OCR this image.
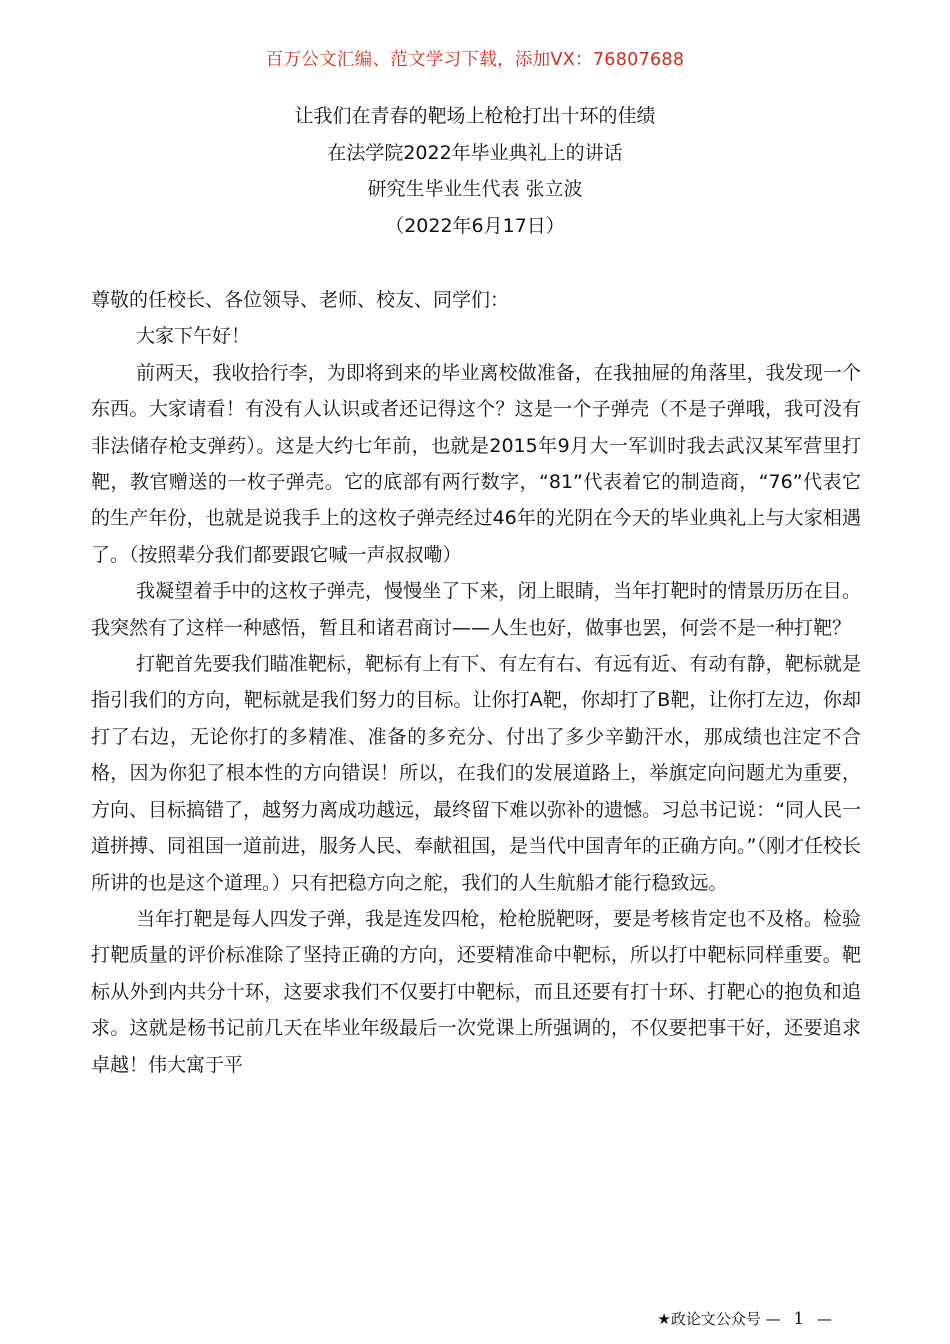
百万公文汇编、范文学习下载，添加VX：76807688
让我们在青春的靶场上枪枪打出十环的佳绩
在法学院2022年毕业典礼上的讲话
研究生毕业生代表 张立波
（2022年6月17日）

尊敬的任校长、各位领导、老师、校友、同学们：

大家下午好！

前两天，我收拾行李，为即将到来的毕业离校做准备，在我抽屉的角落里，我发现一个东西。大家请看！有没有人认识或者还记得这个？这是一个子弹壳（不是子弹哦，我可没有非法储存枪支弹药）。这是大约七年前，也就是2015年9月大一军训时我去武汉某军营里打靶，教官赠送的一枚子弹壳。它的底部有两行数字，“81”代表着它的制造商，“76”代表它的生产年份，也就是说我手上的这枚子弹壳经过46年的光阴在今天的毕业典礼上与大家相遇了。（按照辈分我们都要跟它喊一声叔叔嘞）

我凝望着手中的这枚子弹壳，慢慢坐了下来，闭上眼睛，当年打靶时的情景历历在目。我突然有了这样一种感悟，暂且和诸君商讨——人生也好，做事也罢，何尝不是一种打靶？

打靶首先要我们瞄准靶标，靶标有上有下、有左有右、有远有近、有动有静，靶标就是指引我们的方向，靶标就是我们努力的目标。让你打A靶，你却打了B靶，让你打左边，你却打了右边，无论你打的多精准、准备的多充分、付出了多少辛勤汗水，那成绩也注定不合格，因为你犯了根本性的方向错误！所以，在我们的发展道路上，举旗定向问题尤为重要，方向、目标搞错了，越努力离成功越远，最终留下难以弥补的遗憾。习总书记说：“同人民一道拼搏、同祖国一道前进，服务人民、奉献祖国，是当代中国青年的正确方向。”（刚才任校长所讲的也是这个道理。）只有把稳方向之舵，我们的人生航船才能行稳致远。

当年打靶是每人四发子弹，我是连发四枪，枪枪脱靶呀，要是考核肯定也不及格。检验打靶质量的评价标准除了坚持正确的方向，还要精准命中靶标，所以打中靶标同样重要。靶标从外到内共分十环，这要求我们不仅要打中靶标，而且还要有打十环、打靶心的抱负和追求。这就是杨书记前几天在毕业年级最后一次党课上所强调的，不仅要把事干好，还要追求卓越！伟大寓于平

★政论文公众号 — 1 —
